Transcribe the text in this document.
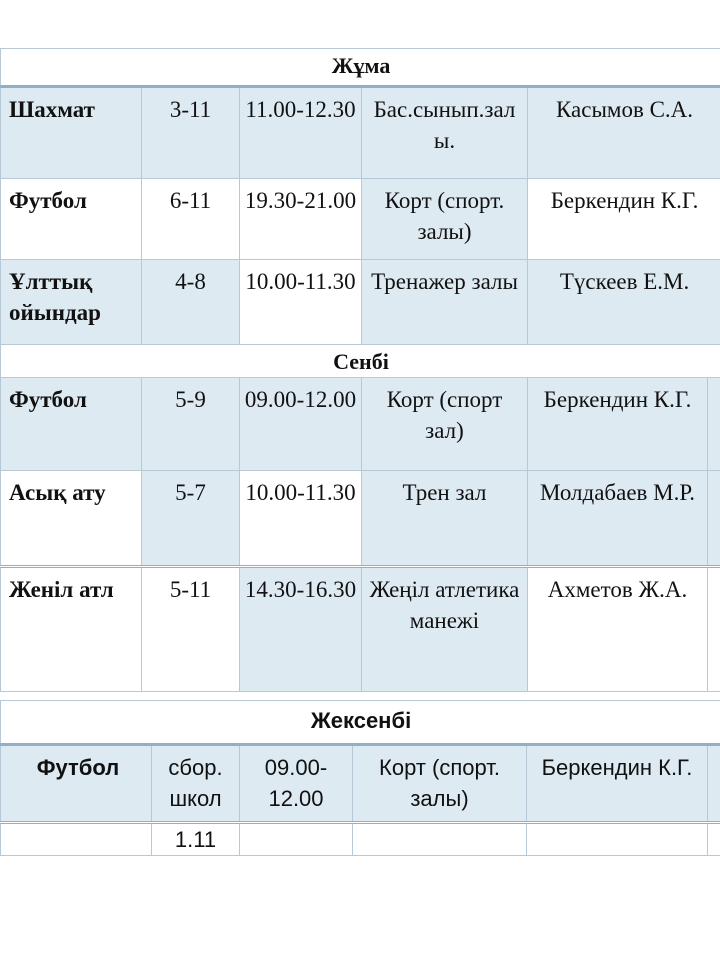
Жұма				
Шахмат	3-11	11.00-12.30	Бас.сынып.залы.	Касымов С.А.
Футбол	6-11	19.30-21.00	Корт (спорт. залы)	Беркендин К.Г.
Ұлттық ойындар	4-8	10.00-11.30	Тренажер залы	Түскеев Е.М.
Сенбі					
Футбол	5-9	09.00-12.00	Корт (спорт зал)	Беркендин К.Г.	
Асық ату	5-7	10.00-11.30	Трен зал	Молдабаев М.Р.	
Женіл атл	5-11	14.30-16.30	Жеңіл атлетика манежі	Ахметов Ж.А.	
Жексенбі					
Футбол	сбор. школ	09.00-12.00	Корт (спорт. залы)	Беркендин К.Г.	
	1.11				
